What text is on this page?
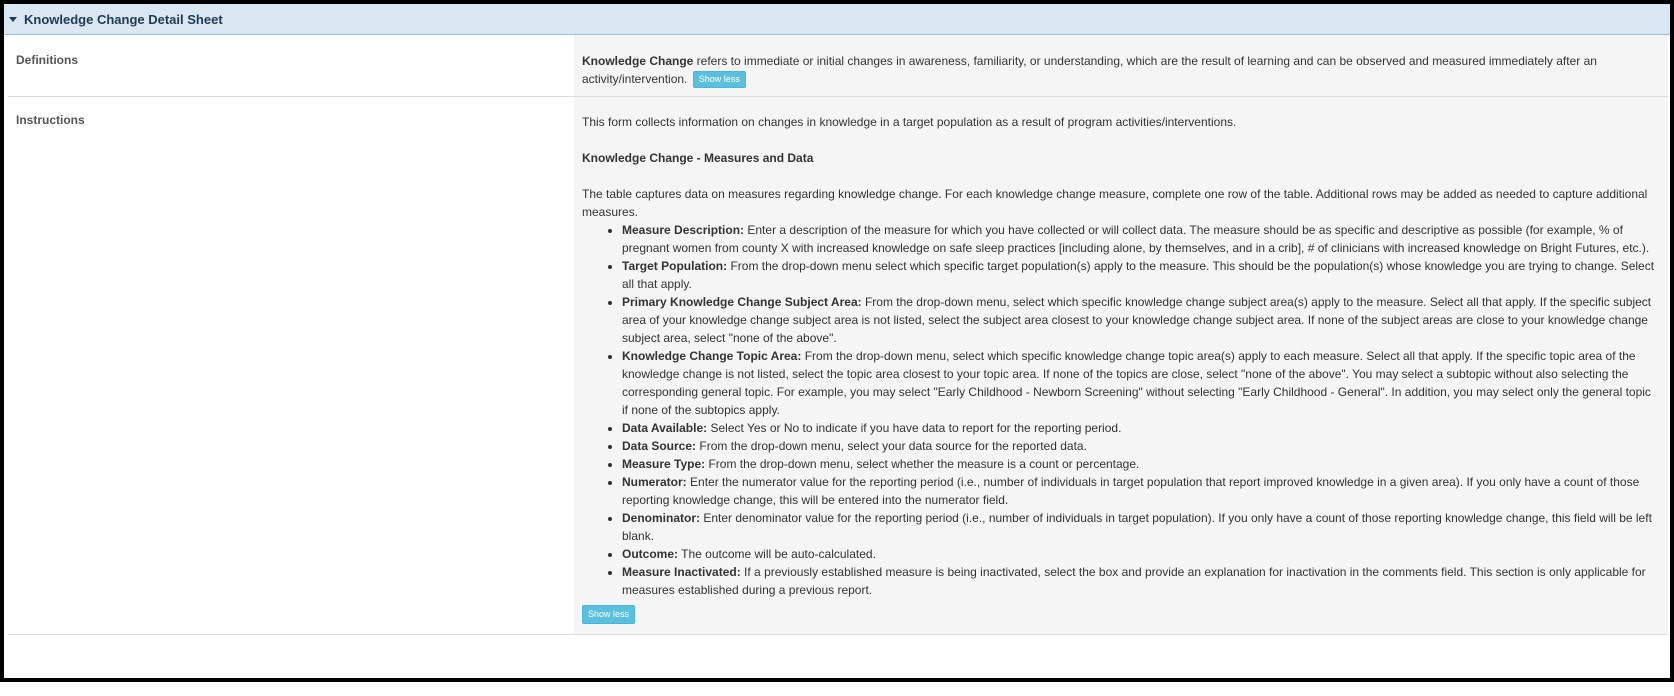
Knowledge Change Detail Sheet
Definitions	Knowledge Change refers to immediate or initial changes in awareness, familiarity, or understanding, which are the result of learning and can be observed and measured immediately after an activity/intervention. Show less
Instructions	This form collects information on changes in knowledge in a target population as a result of program activities/interventions.

Knowledge Change - Measures and Data

The table captures data on measures regarding knowledge change. For each knowledge change measure, complete one row of the table. Additional rows may be added as needed to capture additional measures.

• Measure Description: Enter a description of the measure for which you have collected or will collect data. The measure should be as specific and descriptive as possible (for example, % of pregnant women from county X with increased knowledge on safe sleep practices [including alone, by themselves, and in a crib], # of clinicians with increased knowledge on Bright Futures, etc.).
• Target Population: From the drop-down menu select which specific target population(s) apply to the measure. This should be the population(s) whose knowledge you are trying to change. Select all that apply.
• Primary Knowledge Change Subject Area: From the drop-down menu, select which specific knowledge change subject area(s) apply to the measure. Select all that apply. If the specific subject area of your knowledge change subject area is not listed, select the subject area closest to your knowledge change subject area. If none of the subject areas are close to your knowledge change subject area, select "none of the above".
• Knowledge Change Topic Area: From the drop-down menu, select which specific knowledge change topic area(s) apply to each measure. Select all that apply. If the specific topic area of the knowledge change is not listed, select the topic area closest to your topic area. If none of the topics are close, select "none of the above". You may select a subtopic without also selecting the corresponding general topic. For example, you may select "Early Childhood - Newborn Screening" without selecting "Early Childhood - General". In addition, you may select only the general topic if none of the subtopics apply.
• Data Available: Select Yes or No to indicate if you have data to report for the reporting period.
• Data Source: From the drop-down menu, select your data source for the reported data.
• Measure Type: From the drop-down menu, select whether the measure is a count or percentage.
• Numerator: Enter the numerator value for the reporting period (i.e., number of individuals in target population that report improved knowledge in a given area). If you only have a count of those reporting knowledge change, this will be entered into the numerator field.
• Denominator: Enter denominator value for the reporting period (i.e., number of individuals in target population). If you only have a count of those reporting knowledge change, this field will be left blank.
• Outcome: The outcome will be auto-calculated.
• Measure Inactivated: If a previously established measure is being inactivated, select the box and provide an explanation for inactivation in the comments field. This section is only applicable for measures established during a previous report.
Show less
